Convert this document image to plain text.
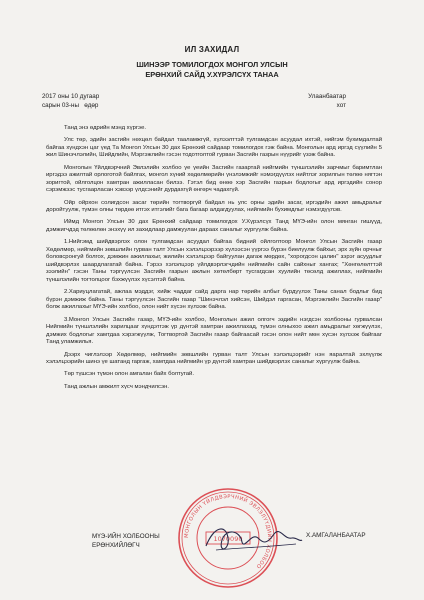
ИЛ ЗАХИДАЛ
ШИНЭЭР ТОМИЛОГДОХ МОНГОЛ УЛСЫН
ЕРӨНХИЙ САЙД У.ХҮРЭЛСҮХ ТАНАА
2017 оны 10 дугаар
сарын 03-ны   өдөр
Улаанбаатар
хот

Танд энэ өдрийн мэнд хүргэе.

Улс төр, эдийн засгийн нөхцөл байдал тааламжгүй, хүлээлттэй тулгамдсан асуудал ихтэй, нийгэм бухимдалтай байгаа хүндхэн цаг үед Та Монгол Улсын 30 дах Ерөнхий сайдаар томилогдох гэж байна. Монголын ард иргэд сүүлийн 5 жил Шинэчлэлийн, Шийдлийн, Мэргэжлийн гэсэн тодотголтой гурван Засгийн газрын нүүрийг үзэж байна.

Монголын Үйлдвэрчний Эвлэлийн холбоо үе үеийн Засгийн газартай нийгмийн түншлэлийн зарчмыг баримтлан иргэдээ ажилтай орлоготой байлгах, монгол хүний хөдөлмөрийн үнэлэмжийг нэмэгдүүлэх нийтлэг зорилгын төлөө нягтэн зоригтой, ойлголцон хамтран ажилласан билээ. Гэтэл бид өнөө хэр Засгийн газрын бодлогыг ард иргэдийн сонор сэрэмжээс тусгаарласан хэвээр үлдсэнийг дурдахгүй өнгөрч чадахгүй.

Ойр ойрхон солигдсон засаг төрийн тогтворгүй байдал нь улс орны эдийн засаг, иргэдийн ажил амьдралыг доройтуулж, түмэн олны төрдөө итгэх итгэлийг бага багаар алдагдуулах, нийгмийн бухимдлыг нэмэгдүүлэв.

Иймд Монгол Улсын 30 дах Ерөнхий сайдаар томилогдох У.Хүрэлсүх Танд МҮЭ-ийн олон мянган гишүүд, дэмжигчдэд төлөөлөн энэхүү ил захидлаар дамжуулан дараах саналыг хүргүүлж байна.

1.Нийгэмд шийдвэрлэх олон тулгамдсан асуудал байгаа бидний ойлголтоор Монгол Улсын Засгийн газар Хөдөлмөр, нийгмийн зөвшлийн гурван талт Улсын хэлэлцээрээр хүлээсэн үүргээ бүрэн биелүүлж байхыг, эрх зүйн орчныг боловсронгуй болгох, дэмжин ажиллахыг, жилийн хэлэлцээр байгуулан дагаж мөрдөх, "хорогдсон цалин" зэрэг асуудлыг шийдвэрлэх шаардлагатай байна. Гэрээ хэлэлцээр үйлдвэрлэгчдийн нийгмийн сайн сайхныг хангах; "Хөнгөлөлттэй зээлийн" гэсэн Таны тэргүүлсэн Засгийн газрын ажлын хөтөлбөрт тусгагдсан хуулийн төсөлд ажиллах, нийгмийн түншлэлийн тогтолцоог бэхжүүлэх хүсэлтэй байна.

2.Хариуцлагатай, ажлаа мэддэг, хийж чаддаг сайд дарга нар төрийн албыг бүрдүүлэх Таны санал бодлыг бид бүрэн дэмжиж байна. Таны тэргүүлсэн Засгийн газар "Шинэчлэл хийсэн, Шийдэл гаргасан, Мэргэжлийн Засгийн газар" болж ажиллахыг МҮЭ-ийн холбоо, олон нийт хүсэн хүлээж байна.

3.Монгол Улсын Засгийн газар, МҮЭ-ийн холбоо, Монголын ажил олгогч эздийн нэгдсэн холбооны гурвалсан Нийгмийн түншлэлийн харилцааг хүндэтгэж үр дүнтэй хамтран ажиллахад, түмэн олныхоо ажил амьдралыг хөгжүүлэх, дэмжих бодлогыг хамтдаа хэрэгжүүлж, Тогтвортой Засгийн газар байгаасай гэсэн олон нийт мөн хүсэн хүлээж байгааг Танд уламжилья.

Дээрх чиглэлээр Хөдөлмөр, нийгмийн зөвшлийн гурван талт Улсын хэлэлцээрийг нэн яаралтай эхлүүлж хэлэлцээрийн шинэ үе шатанд гаргаж, хамтдаа нийгмийн үр дүнтэй хамтран шийдвэрлэх саналыг хүргүүлж байна.

Төр түшсэн түмэн олон амгалан байх болтугай.

Танд ажлын амжилт хүсч мэндчилсэн.

МОНГОЛЫН ҮЙЛДВЭРЧНИЙ ЭВЛЭЛҮҮДИЙН ХОЛБОО
1070090
МҮЭ-ИЙН ХОЛБООНЫ
ЕРӨНХИЙЛӨГЧ
Х.АМГАЛАНБААТАР
